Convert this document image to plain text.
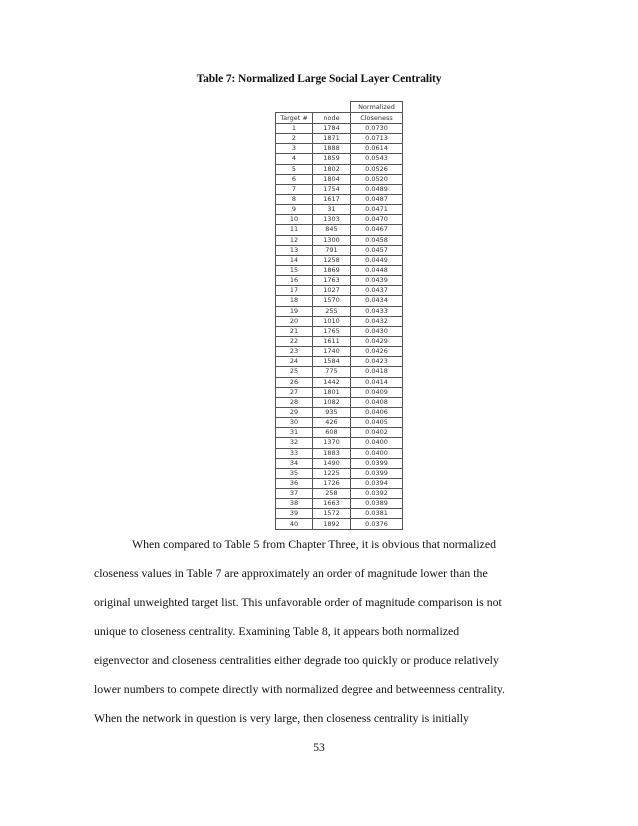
Table 7: Normalized Large Social Layer Centrality
		Normalized
Target #	node	Closeness
1	1784	0.0730
2	1871	0.0713
3	1888	0.0614
4	1859	0.0543
5	1802	0.0526
6	1804	0.0520
7	1754	0.0489
8	1617	0.0487
9	31	0.0471
10	1303	0.0470
11	845	0.0467
12	1300	0.0458
13	791	0.0457
14	1258	0.0449
15	1869	0.0448
16	1763	0.0439
17	1027	0.0437
18	1570	0.0434
19	255	0.0433
20	1010	0.0432
21	1765	0.0430
22	1611	0.0429
23	1740	0.0426
24	1584	0.0423
25	775	0.0418
26	1442	0.0414
27	1801	0.0409
28	1082	0.0408
29	935	0.0406
30	426	0.0405
31	608	0.0402
32	1370	0.0400
33	1883	0.0400
34	1490	0.0399
35	1225	0.0399
36	1726	0.0394
37	258	0.0392
38	1663	0.0389
39	1572	0.0381
40	1892	0.0376
When compared to Table 5 from Chapter Three, it is obvious that normalized
closeness values in Table 7 are approximately an order of magnitude lower than the
original unweighted target list. This unfavorable order of magnitude comparison is not
unique to closeness centrality. Examining Table 8, it appears both normalized
eigenvector and closeness centralities either degrade too quickly or produce relatively
lower numbers to compete directly with normalized degree and betweenness centrality.
When the network in question is very large, then closeness centrality is initially
53
